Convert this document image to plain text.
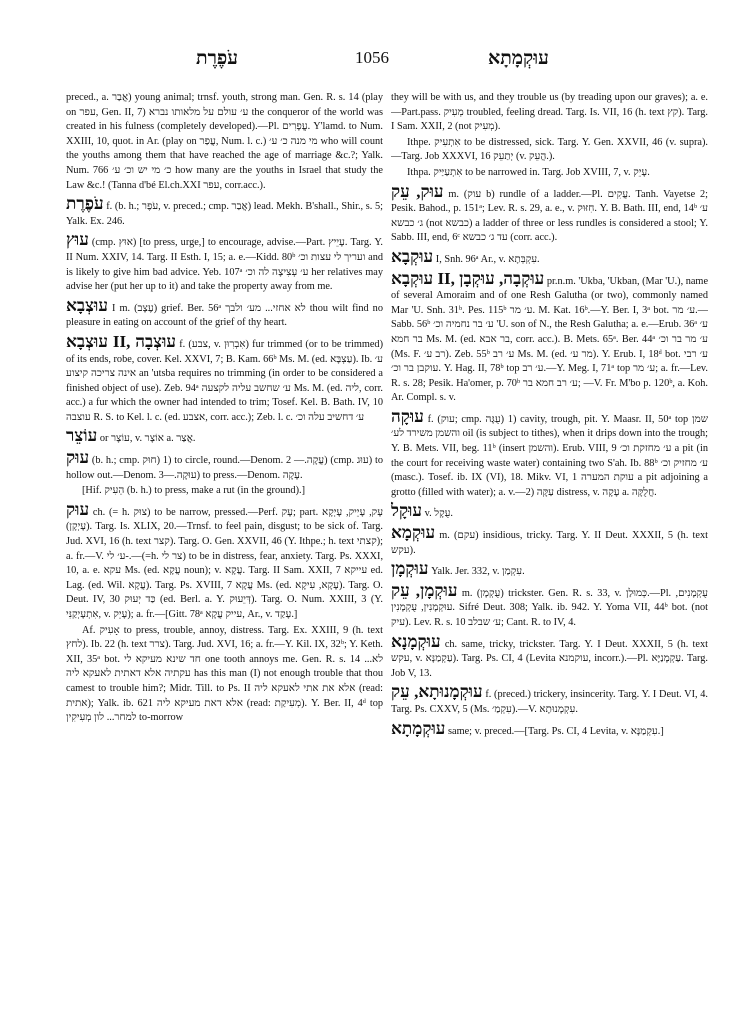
עֹפֶרֶת	1056	עוּקְמָתָא

preced., a. אֲבַר) young animal; trnsf. youth, strong man. Gen. R. s. 14 (play on עפר, Gen. II, 7) ע׳ עולם על מלאותו נברא the conqueror of the world was created in his fulness (completely developed).—Pl. עֳפָרִים. Y'lamd. to Num. XXIII, 10, quot. in Ar. (play on עֲפַר, Num. l. c.) מי מנה כ׳ ע׳ who will count the youths among them that have reached the age of marriage &c.?; Yalk. Num. 766 כ׳ מי יש וכ׳ ע׳ how many are the youths in Israel that study the Law &c.! (Tanna d'bé El.ch.XXI עפר, corr.acc.).

עֹפֶרֶת f. (b. h.; עֹפֶר, v. preced.; cmp. אֲבַר) lead. Mekh. B'shall., Shir., s. 5; Yalk. Ex. 246.

עוּץ (cmp. אוּץ) [to press, urge,] to encourage, advise.—Part. עָיֵיץ. Targ. Y. II Num. XXIV, 14. Targ. II Esth. I, 15; a. e.—Kidd. 80ᵇ ועריך לי עצות וכ׳ and is likely to give him bad advice. Yeb. 107ᵃ ע׳ עְצִיצָה לה וכ׳ her relatives may advise her (put her up to it) and take the property away from me.

עוּצְבָא I m. (עֶצֶב) grief. Ber. 56ᵃ לא אחזי... מע׳ ולבך thou wilt find no pleasure in eating on account of the grief of thy heart.

עוּצְבָא II, עוּצְבָה f. (צבע, v. אִבְרִוּן) fur trimmed (or to be trimmed) of its ends, robe, cover. Kel. XXVI, 7; B. Kam. 66ᵇ Ms. M. (ed. עַצְבָּא). Ib. ע׳ אינה צריכה קיצוע an 'utsba requires no trimming (in order to be considered a finished object of use). Zeb. 94ᵃ ע׳ שחשב עליה לקצעה Ms. M. (ed. ליה, corr. acc.) a fur which the owner had intended to trim; Tosef. Kel. B. Bath. IV, 10 עוצבה R. S. to Kel. l. c. (ed. אצבע, corr. acc.); Zeb. l. c. ע׳ דחשיב עלה וכ׳

עוֹצֵר or עוֹצָר, v. אוֹצָר a. אֲצַר.

עוּק (b. h.; cmp. חוּק) 1) to circle, round.—Denom. עֲקָה.— 2) (cmp. עוּג) to hollow out.—Denom. עוּקָה.—3) to press.—Denom. עָקָה.

[Hif. הֵעִיק (b. h.) to press, make a rut (in the ground).]

עוּק ch. (= h. צוּק) to be narrow, pressed.—Perf. עָק; part. עָק, עָיֵיק, עָיְקָא (עָיְקָן). Targ. Is. XLIX, 20.—Trnsf. to feel pain, disgust; to be sick of. Targ. Jud. XVI, 16 (h. text קצר). Targ. O. Gen. XXVII, 46 (Y. Ithpe.; h. text קצתי); a. fr.—V. ע׳ לי-.—(=h. צר לי) to be in distress, fear, anxiety. Targ. Ps. XXXI, 10, a. e. עקא Ms. (ed. עֲקָא noun); v. עֲקָא. Targ. II Sam. XXII, 7 עייקא ed. Lag. (ed. Wil. עֲקָא). Targ. Ps. XVIII, 7 עֲקָא Ms. (ed. עָקָא, עִיקָא). Targ. O. Deut. IV, 30 כַּד יְעוּק (ed. Berl. a. Y. דְּיֵעוּק). Targ. O. Num. XXIII, 3 (Y. אִתְעָיְקַנִּי, v. עָיֵק); a. fr.—[Gitt. 78ᵃ עייק עֲקָא, Ar., v. עָקַד.]

Af. אָעִיק to press, trouble, annoy, distress. Targ. Ex. XXIII, 9 (h. text לחץ). Ib. 22 (h. text צרר). Targ. Jud. XVI, 16; a. fr.—Y. Kil. IX, 32ᵇ; Y. Keth. XII, 35ᵃ bot. חד שינא מעיקא לי one tooth annoys me. Gen. R. s. 14 לא... עקתיה אלא דאתית לאעקא ליה has this man (I) not enough trouble that thou camest to trouble him?; Midr. Till. to Ps. II אלא את אתי לאעקא ליה (read: אתית); Yalk. ib. 621 אלא דאת מעיקא ליה (read: מְעִיקַת). Y. Ber. II, 4ᵈ top למחר... לון מְעִיקִין to-morrow

they will be with us, and they trouble us (by treading upon our graves); a. e.—Part.pass. מְעִיק troubled, feeling dread. Targ. Is. VII, 16 (h. text קץ). Targ. I Sam. XXII, 2 (not מְעִיק).

Ithpe. אִתְעִיק to be distressed, sick. Targ. Y. Gen. XXVII, 46 (v. supra).—Targ. Job XXXVI, 16 יְתַעֵק (v. הֲעֵק.).

Ithpa. אִתְעַיַּיק to be narrowed in. Targ. Job XVIII, 7, v. עָיֵק.

עוּק, עֵק m. (עוק b) rundle of a ladder.—Pl. עֲקִים. Tanh. Vayetse 2; Pesik. Bahod., p. 151ᵃ; Lev. R. s. 29, a. e., v. חִזּוּק. Y. B. Bath. III, end, 14ᵇ ע׳ ג׳ כבשא (not כבשא) a ladder of three or less rundles is considered a stool; Y. Sabb. III, end, 6ᶜ עד ג׳ כבשא (corr. acc.).

עוּקְבָא I, Snh. 96ᵃ Ar., v. עִקְבְּתָא.

עוּקְבָא II, עוּקְבָה, עוּקְבָן pr.n.m. 'Ukba, 'Ukban, (Mar 'U.), name of several Amoraim and of one Resh Galutha (or two), commonly named Mar 'U. Snh. 31ᵇ. Pes. 115ᵇ ע׳ מר. M. Kat. 16ᵇ.—Y. Ber. I, 3ᵃ bot. ע׳ מר.—Sabb. 56ᵇ ע׳ בר נחמיה וכ׳ 'U. son of N., the Resh Galutha; a. e.—Erub. 36ᵃ ע׳ בר חמא Ms. M. (ed. בר אבא, corr. acc.). B. Mets. 65ᵃ. Ber. 44ᵃ ע׳ מר בר וכ׳ (Ms. F. רב ע׳). Zeb. 55ᵇ ע׳ רב Ms. M. (ed. מר ע׳). Y. Erub. I, 18ᵈ bot. ע׳ רבי עוקבן בר וכ׳. Y. Hag. II, 78ᵇ top ע׳ רב.—Y. Meg. I, 71ᵃ top ע׳ מר; a. fr.—Lev. R. s. 28; Pesik. Ha'omer, p. 70ᵇ ע׳ רב חמא בר; —V. Fr. M'bo p. 120ᵇ, a. Koh. Ar. Compl. s. v.

עוּקָה f. (עוק; cmp. עֻגָּה) 1) cavity, trough, pit. Y. Maasr. II, 50ᵃ top שמן והשמן משירד לע׳ oil (is subject to tithes), when it drips down into the trough; Y. B. Mets. VII, beg. 11ᵇ (insert והשמן). Erub. VIII, 9 ע׳ מחזקת וכ׳ a pit (in the court for receiving waste water) containing two S'ah. Ib. 88ᵇ ע׳ מחזיק וכ׳ (masc.). Tosef. ib. IX (VI), 18. Mikv. VI, 1 עוקת המערה a pit adjoining a grotto (filled with water); a. v.—2) עַקָּה distress, v. עָקָה a. חֲלֻקָּה.

עוּקָל v. עֻקָל.

עוּקְמָא m. (עקם) insidious, tricky. Targ. Y. II Deut. XXXII, 5 (h. text עקש).

עוּקְמָן Yalk. Jer. 332, v. עִקְמַן.

עוּקְמָן, עֵק m. (עֻקְמָן) trickster. Gen. R. s. 33, v. כְּמוּלַן.—Pl. עֻקְמָנִים, עוּקְמָנִין, עֻקְמָנִין. Sifré Deut. 308; Yalk. ib. 942. Y. Yoma VII, 44ᵇ bot. (not עיק). Lev. R. s. 10 ע׳ שבלב; Cant. R. to IV, 4.

עוּקְמָנָא ch. same, tricky, trickster. Targ. Y. I Deut. XXXII, 5 (h. text עקש, v. עַקְמַנָּא). Targ. Ps. CI, 4 (Levita עוקמנא, incorr.).—Pl. עַקְמָנַיָּא. Targ. Job V, 13.

עוּקְמָנוּתָא, עֵק f. (preced.) trickery, insincerity. Targ. Y. I Deut. VI, 4. Targ. Ps. CXXV, 5 (Ms. עִקְמַ׳).—V. עִקְמָנוּתָא.

עוּקְמָתָא same; v. preced.—[Targ. Ps. CI, 4 Levita, v. עִקְמַנָּא.]
